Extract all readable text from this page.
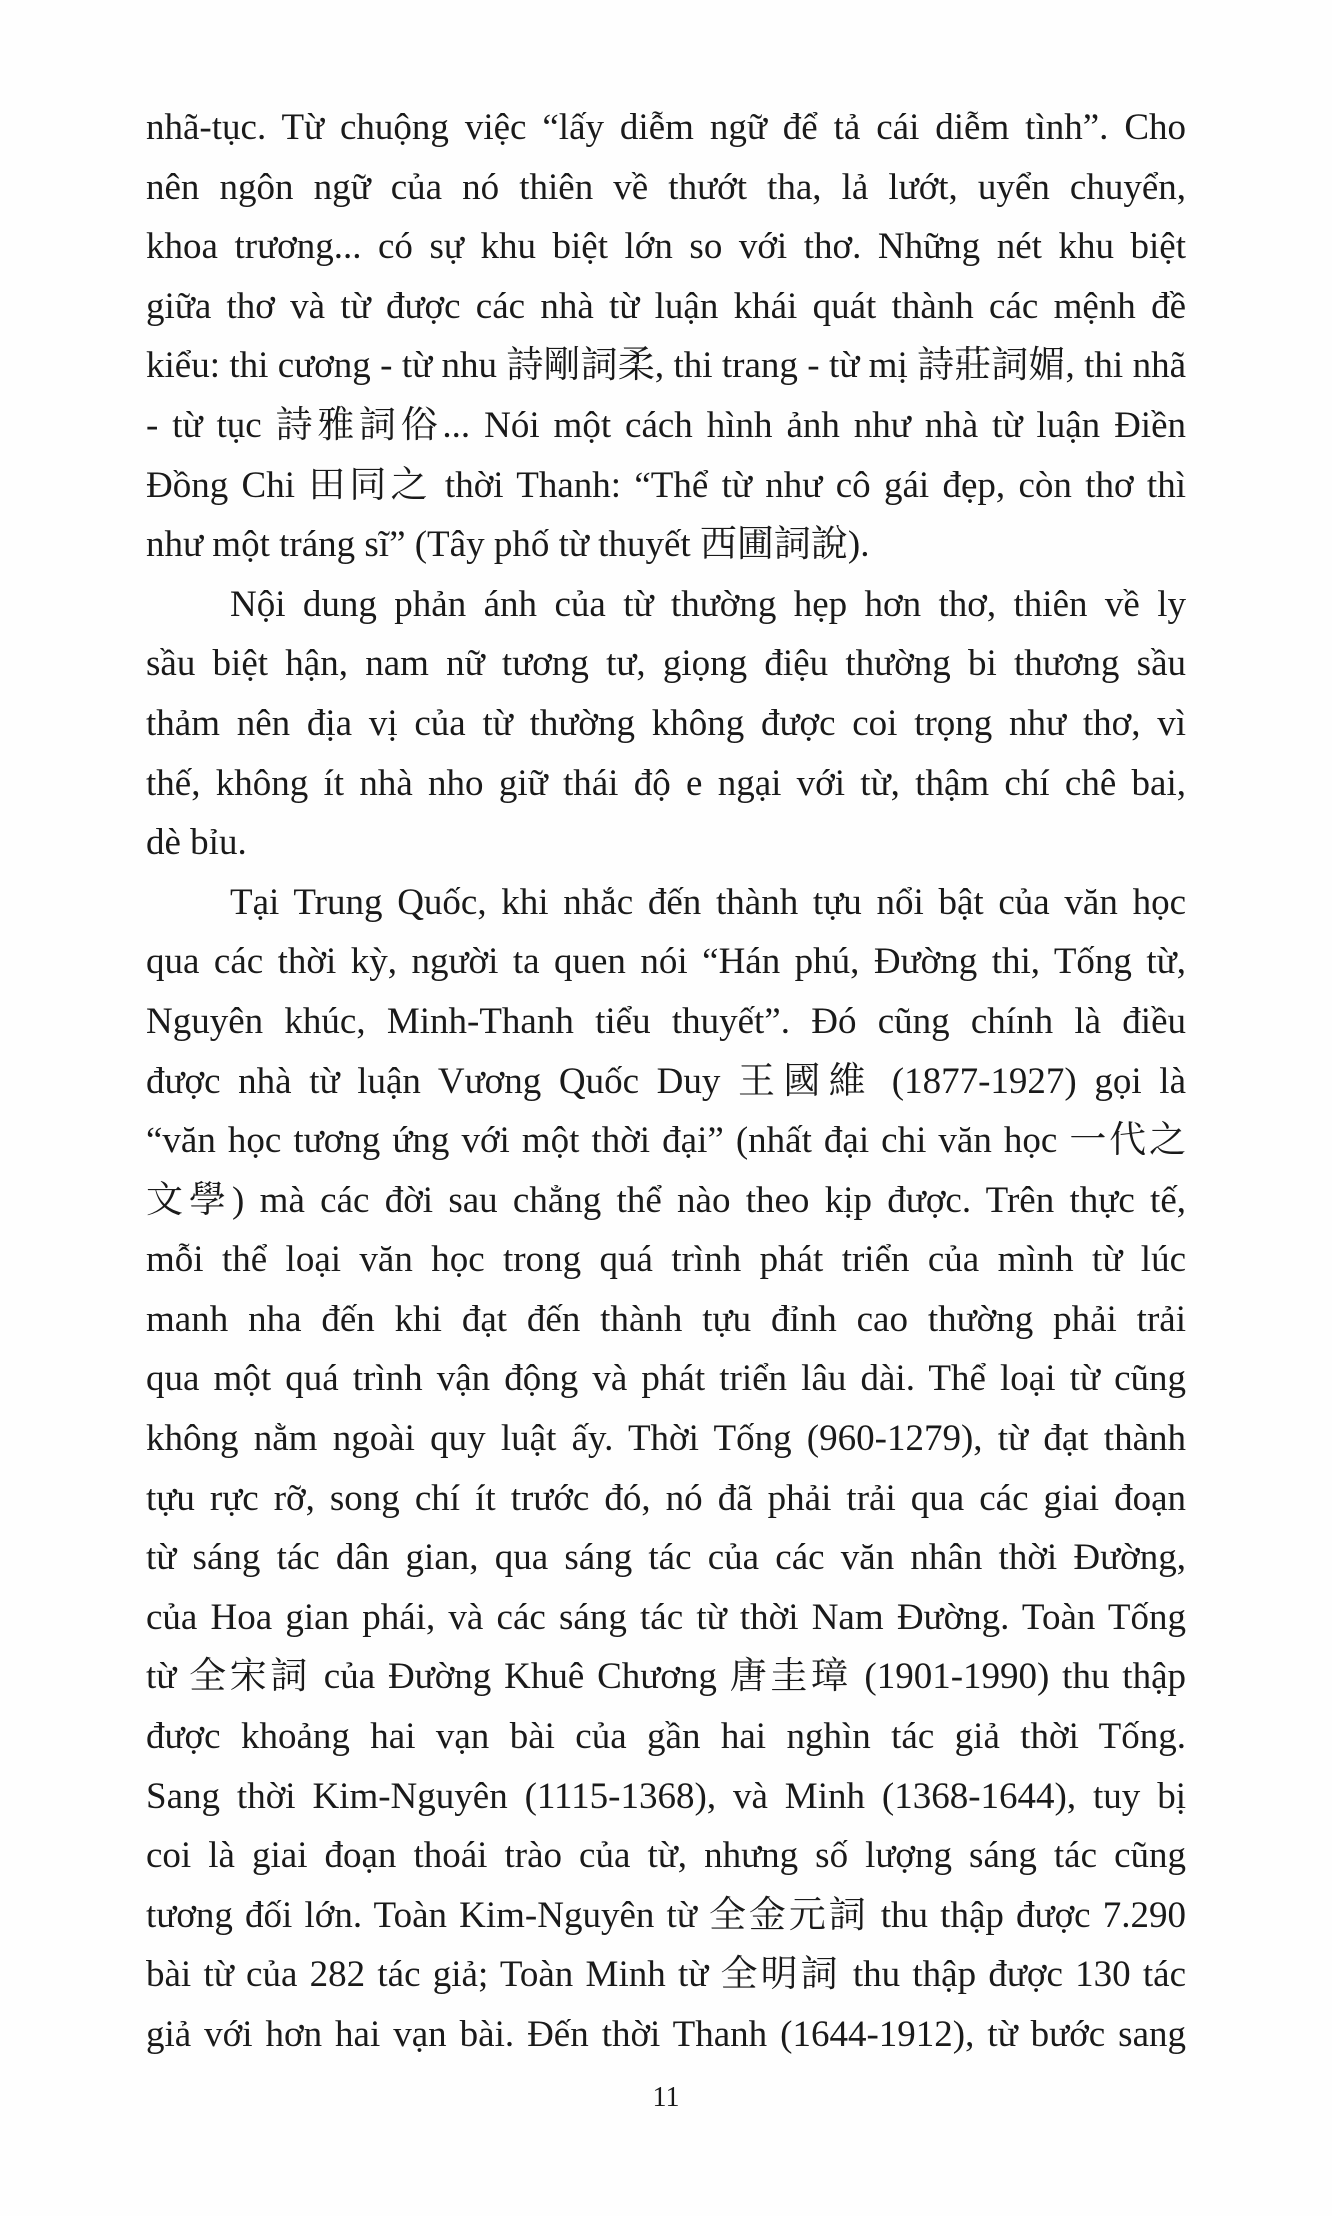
nhã-tục. Từ chuộng việc “lấy diễm ngữ để tả cái diễm tình”. Cho
nên ngôn ngữ của nó thiên về thướt tha, lả lướt, uyển chuyển,
khoa trương... có sự khu biệt lớn so với thơ. Những nét khu biệt
giữa thơ và từ được các nhà từ luận khái quát thành các mệnh đề
kiểu: thi cương - từ nhu 詩剛詞柔, thi trang - từ mị 詩莊詞媚, thi nhã
- từ tục 詩雅詞俗... Nói một cách hình ảnh như nhà từ luận Điền
Đồng Chi 田同之 thời Thanh: “Thể từ như cô gái đẹp, còn thơ thì
như một tráng sĩ” (Tây phố từ thuyết 西圃詞說).
Nội dung phản ánh của từ thường hẹp hơn thơ, thiên về ly
sầu biệt hận, nam nữ tương tư, giọng điệu thường bi thương sầu
thảm nên địa vị của từ thường không được coi trọng như thơ, vì
thế, không ít nhà nho giữ thái độ e ngại với từ, thậm chí chê bai,
dè bỉu.
Tại Trung Quốc, khi nhắc đến thành tựu nổi bật của văn học
qua các thời kỳ, người ta quen nói “Hán phú, Đường thi, Tống từ,
Nguyên khúc, Minh-Thanh tiểu thuyết”. Đó cũng chính là điều
được nhà từ luận Vương Quốc Duy 王國維 (1877-1927) gọi là
“văn học tương ứng với một thời đại” (nhất đại chi văn học 一代之
文學) mà các đời sau chẳng thể nào theo kịp được. Trên thực tế,
mỗi thể loại văn học trong quá trình phát triển của mình từ lúc
manh nha đến khi đạt đến thành tựu đỉnh cao thường phải trải
qua một quá trình vận động và phát triển lâu dài. Thể loại từ cũng
không nằm ngoài quy luật ấy. Thời Tống (960-1279), từ đạt thành
tựu rực rỡ, song chí ít trước đó, nó đã phải trải qua các giai đoạn
từ sáng tác dân gian, qua sáng tác của các văn nhân thời Đường,
của Hoa gian phái, và các sáng tác từ thời Nam Đường. Toàn Tống
từ 全宋詞 của Đường Khuê Chương 唐圭璋 (1901-1990) thu thập
được khoảng hai vạn bài của gần hai nghìn tác giả thời Tống.
Sang thời Kim-Nguyên (1115-1368), và Minh (1368-1644), tuy bị
coi là giai đoạn thoái trào của từ, nhưng số lượng sáng tác cũng
tương đối lớn. Toàn Kim-Nguyên từ 全金元詞 thu thập được 7.290
bài từ của 282 tác giả; Toàn Minh từ 全明詞 thu thập được 130 tác
giả với hơn hai vạn bài. Đến thời Thanh (1644-1912), từ bước sang
11
